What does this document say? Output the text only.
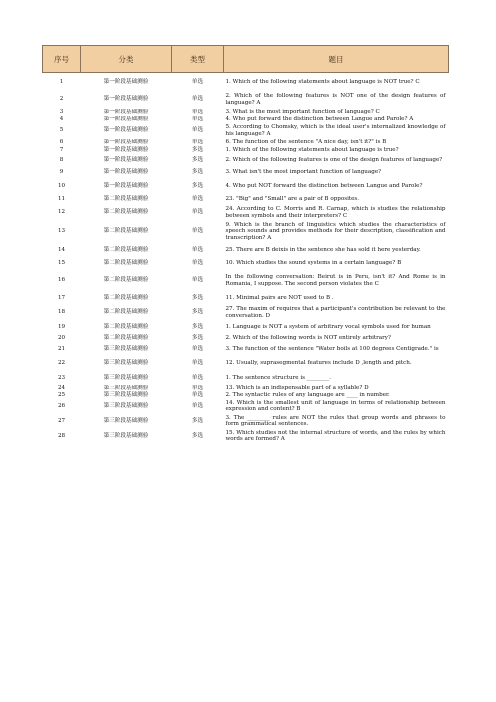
序号	分类	类型	题目
1	第一阶段基础测验	单选	1. Which of the following statements about language is NOT true? C
2	第一阶段基础测验	单选	2. Which of the following features is NOT one of the design features of language? A
3	第一阶段基础测验	单选	3. What is the most important function of language? C
4	第一阶段基础测验	单选	4. Who put forward the distinction between Langue and Parole? A
5	第一阶段基础测验	单选	5. According to Chomsky, which is the ideal user's internalized knowledge of his language? A
6	第一阶段基础测验	单选	6. The function of the sentence "A nice day, isn't it?" is B
7	第一阶段基础测验	多选	1. Which of the following statements about language is true?
8	第一阶段基础测验	多选	2. Which of the following features is one of the design features of language?
9	第一阶段基础测验	多选	3. What isn't the most important function of language?
10	第一阶段基础测验	多选	4. Who put NOT forward the distinction between Langue and Parole?
11	第二阶段基础测验	单选	23. "Big" and "Small" are a pair of B opposites.
12	第二阶段基础测验	单选	24. According to C. Morris and R. Carnap, which is studies the relationship between symbols and their interpreters? C
13	第二阶段基础测验	单选	9. Which is the branch of linguistics which studies the characteristics of speech sounds and provides methods for their description, classification and transcription? A
14	第二阶段基础测验	单选	25. There are B deixis in the sentence she has sold it here yesterday.
15	第二阶段基础测验	单选	10. Which studies the sound systems in a certain language? B
16	第二阶段基础测验	单选	In the following conversation: Beirut is in Peru, isn't it? And Rome is in Romania, I suppose. The second person violates the C
17	第二阶段基础测验	多选	11. Minimal pairs are NOT used to B .
18	第二阶段基础测验	多选	27. The maxim of requires that a participant's contribution be relevant to the conversation. D
19	第二阶段基础测验	多选	1. Language is NOT a system of arbitrary vocal symbols used for human
20	第二阶段基础测验	多选	2. Which of the following words is NOT entirely arbitrary?
21	第三阶段基础测验	单选	3. The function of the sentence "Water boils at 100 degrees Centigrade." is
22	第三阶段基础测验	单选	12. Usually, suprasegmental features include D ,length and pitch.
23	第三阶段基础测验	单选	1. The sentence structure is ________.
24	第三阶段基础测验	单选	13. Which is an indispensable part of a syllable? D
25	第三阶段基础测验	单选	2. The syntactic rules of any language are ____ in number.
26	第三阶段基础测验	单选	14. Which is the smallest unit of language in terms of relationship between expression and content? B
27	第三阶段基础测验	多选	3. The ________ rules are NOT the rules that group words and phrases to form grammatical sentences.
28	第三阶段基础测验	多选	15. Which studies not the internal structure of words, and the rules by which words are formed? A
